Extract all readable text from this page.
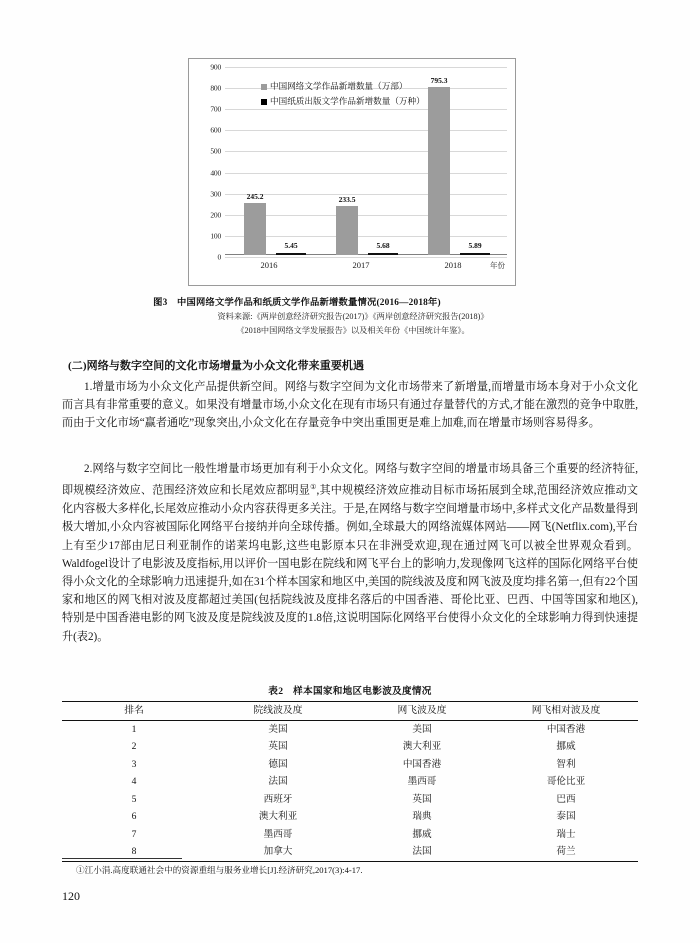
0
100
200
300
400
500
600
700
800
900
245.2
5.45
2016
233.5
5.68
2017
795.3
5.89
2018	年份
中国网络文学作品新增数量（万部）
中国纸质出版文学作品新增数量（万种）
图3　中国网络文学作品和纸质文学作品新增数量情况(2016—2018年)
资料来源:《两岸创意经济研究报告(2017)》《两岸创意经济研究报告(2018)》
《2018中国网络文学发展报告》以及相关年份《中国统计年鉴》。
(二)网络与数字空间的文化市场增量为小众文化带来重要机遇
1.增量市场为小众文化产品提供新空间。网络与数字空间为文化市场带来了新增量,而增量市场本身对于小众文化而言具有非常重要的意义。如果没有增量市场,小众文化在现有市场只有通过存量替代的方式,才能在激烈的竞争中取胜,而由于文化市场“赢者通吃”现象突出,小众文化在存量竞争中突出重围更是难上加难,而在增量市场则容易得多。
2.网络与数字空间比一般性增量市场更加有利于小众文化。网络与数字空间的增量市场具备三个重要的经济特征,即规模经济效应、范围经济效应和长尾效应都明显①,其中规模经济效应推动目标市场拓展到全球,范围经济效应推动文化内容极大多样化,长尾效应推动小众内容获得更多关注。于是,在网络与数字空间增量市场中,多样式文化产品数量得到极大增加,小众内容被国际化网络平台接纳并向全球传播。例如,全球最大的网络流媒体网站——网飞(Netflix.com),平台上有至少17部由尼日利亚制作的诺莱坞电影,这些电影原本只在非洲受欢迎,现在通过网飞可以被全世界观众看到。Waldfogel设计了电影波及度指标,用以评价一国电影在院线和网飞平台上的影响力,发现像网飞这样的国际化网络平台使得小众文化的全球影响力迅速提升,如在31个样本国家和地区中,美国的院线波及度和网飞波及度均排名第一,但有22个国家和地区的网飞相对波及度都超过美国(包括院线波及度排名落后的中国香港、哥伦比亚、巴西、中国等国家和地区),特别是中国香港电影的网飞波及度是院线波及度的1.8倍,这说明国际化网络平台使得小众文化的全球影响力得到快速提升(表2)。
表2　样本国家和地区电影波及度情况
排名	院线波及度	网飞波及度	网飞相对波及度
1	美国	美国	中国香港
2	英国	澳大利亚	挪威
3	德国	中国香港	智利
4	法国	墨西哥	哥伦比亚
5	西班牙	英国	巴西
6	澳大利亚	瑞典	泰国
7	墨西哥	挪威	瑞士
8	加拿大	法国	荷兰
①江小涓.高度联通社会中的资源重组与服务业增长[J].经济研究,2017(3):4-17.
120
